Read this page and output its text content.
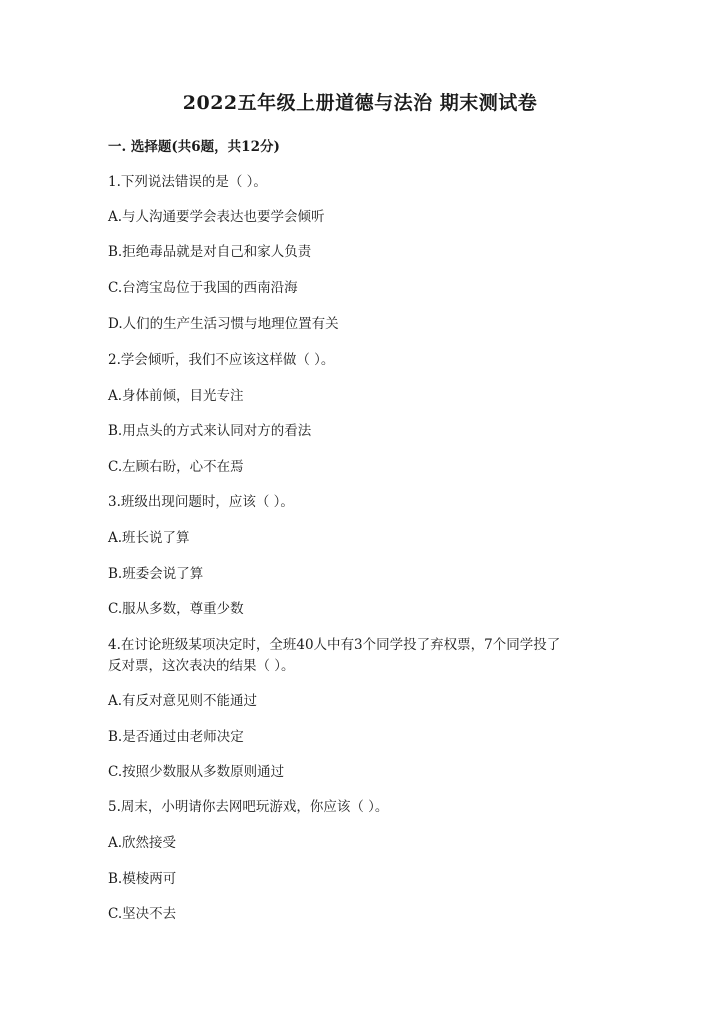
2022五年级上册道德与法治 期末测试卷
一. 选择题(共6题，共12分)
1.下列说法错误的是（ ）。
A.与人沟通要学会表达也要学会倾听
B.拒绝毒品就是对自己和家人负责
C.台湾宝岛位于我国的西南沿海
D.人们的生产生活习惯与地理位置有关
2.学会倾听，我们不应该这样做（ ）。
A.身体前倾，目光专注
B.用点头的方式来认同对方的看法
C.左顾右盼，心不在焉
3.班级出现问题时，应该（ ）。
A.班长说了算
B.班委会说了算
C.服从多数，尊重少数
4.在讨论班级某项决定时，全班40人中有3个同学投了弃权票，7个同学投了
反对票，这次表决的结果（ ）。
A.有反对意见则不能通过
B.是否通过由老师决定
C.按照少数服从多数原则通过
5.周末，小明请你去网吧玩游戏，你应该（ ）。
A.欣然接受
B.模棱两可
C.坚决不去
